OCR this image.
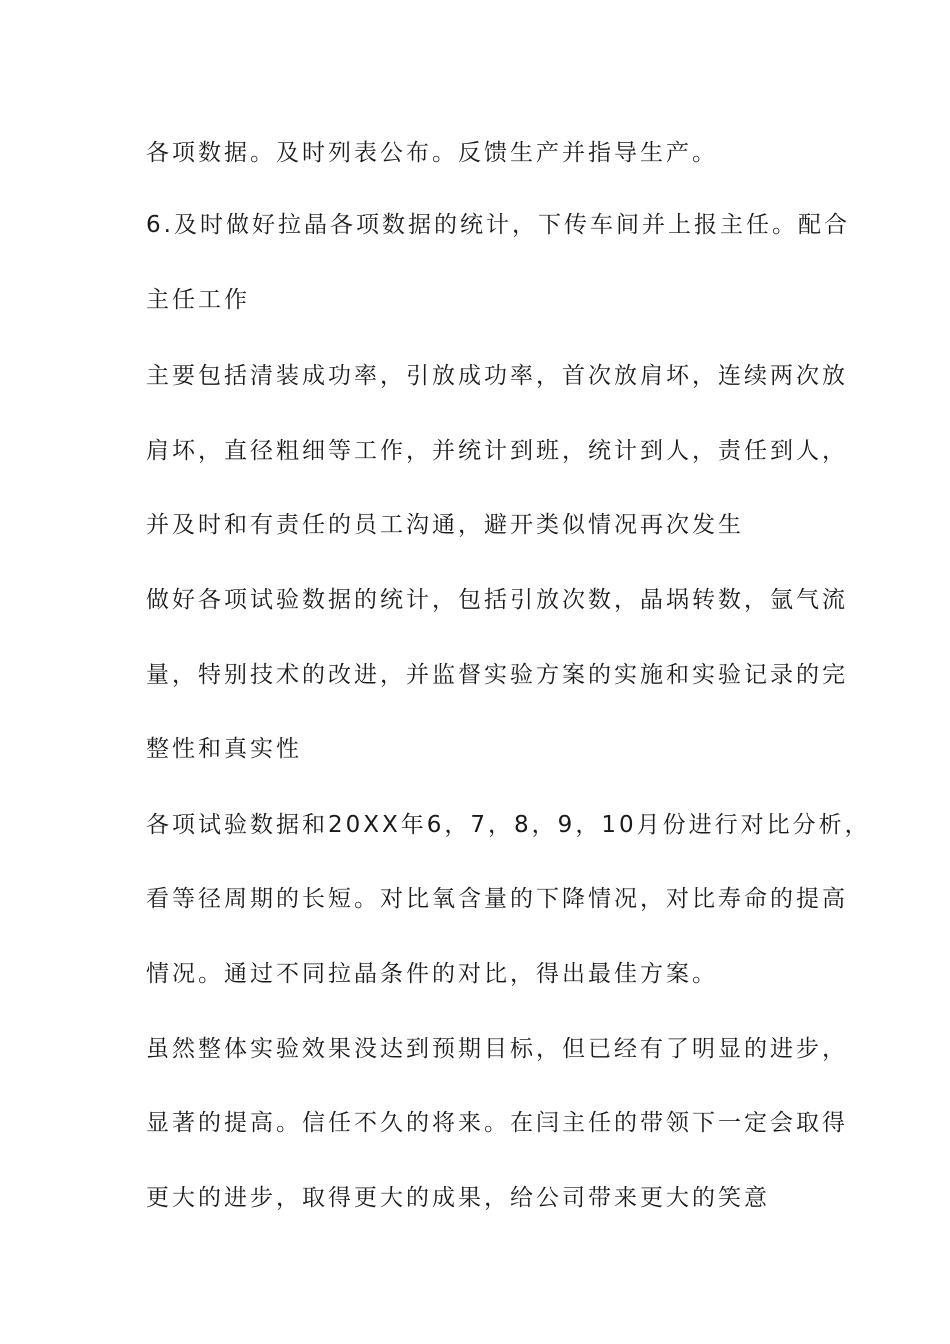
各项数据。及时列表公布。反馈生产并指导生产。
6.及时做好拉晶各项数据的统计，下传车间并上报主任。配合
主任工作
主要包括清装成功率，引放成功率，首次放肩坏，连续两次放
肩坏，直径粗细等工作，并统计到班，统计到人，责任到人，
并及时和有责任的员工沟通，避开类似情况再次发生
做好各项试验数据的统计，包括引放次数，晶埚转数，氩气流
量，特别技术的改进，并监督实验方案的实施和实验记录的完
整性和真实性
各项试验数据和20XX年6，7，8，9，10月份进行对比分析，
看等径周期的长短。对比氧含量的下降情况，对比寿命的提高
情况。通过不同拉晶条件的对比，得出最佳方案。
虽然整体实验效果没达到预期目标，但已经有了明显的进步，
显著的提高。信任不久的将来。在闫主任的带领下一定会取得
更大的进步，取得更大的成果，给公司带来更大的笑意
